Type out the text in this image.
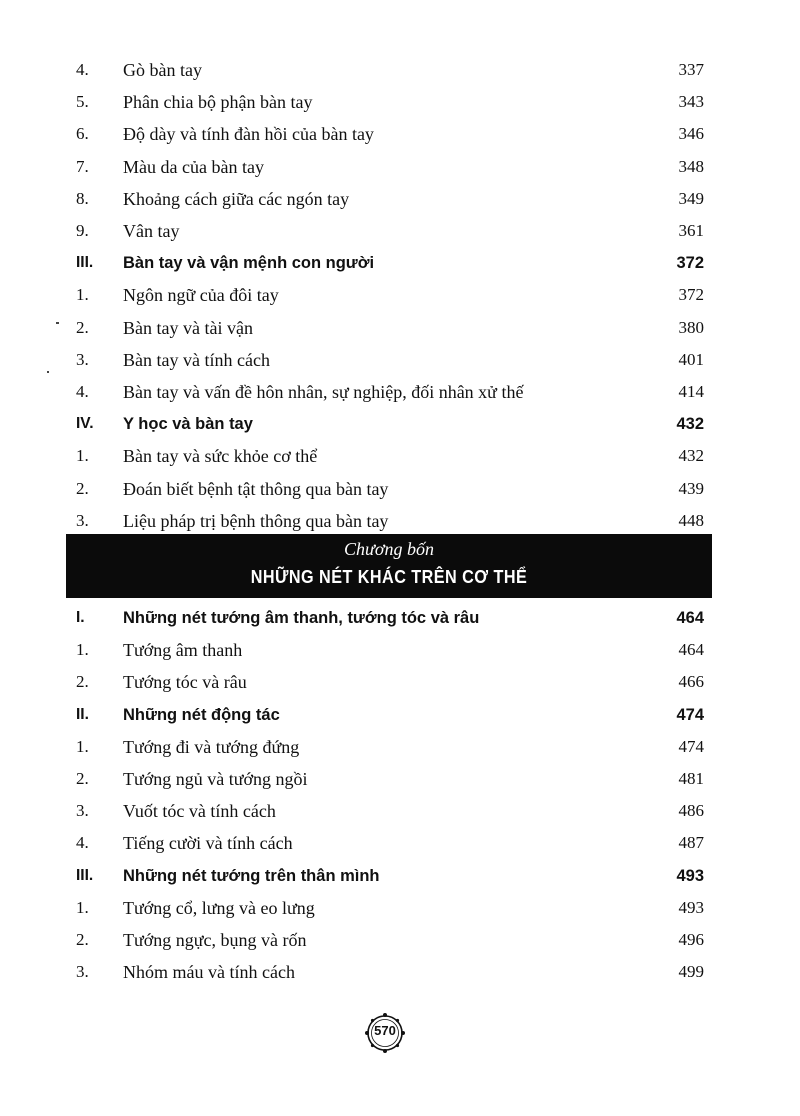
4.	Gò bàn tay	337
5.	Phân chia bộ phận bàn tay	343
6.	Độ dày và tính đàn hồi của bàn tay	346
7.	Màu da của bàn tay	348
8.	Khoảng cách giữa các ngón tay	349
9.	Vân tay	361
III.	Bàn tay và vận mệnh con người	372
1.	Ngôn ngữ của đôi tay	372
2.	Bàn tay và tài vận	380
3.	Bàn tay và tính cách	401
4.	Bàn tay và vấn đề hôn nhân, sự nghiệp, đối nhân xử thế	414
IV.	Y học và bàn tay	432
1.	Bàn tay và sức khỏe cơ thể	432
2.	Đoán biết bệnh tật thông qua bàn tay	439
3.	Liệu pháp trị bệnh thông qua bàn tay	448
Chương bốn
NHỮNG NÉT KHÁC TRÊN CƠ THỂ
I.	Những nét tướng âm thanh, tướng tóc và râu	464
1.	Tướng âm thanh	464
2.	Tướng tóc và râu	466
II.	Những nét động tác	474
1.	Tướng đi và tướng đứng	474
2.	Tướng ngủ và tướng ngồi	481
3.	Vuốt tóc và tính cách	486
4.	Tiếng cười và tính cách	487
III.	Những nét tướng trên thân mình	493
1.	Tướng cổ, lưng và eo lưng	493
2.	Tướng ngực, bụng và rốn	496
3.	Nhóm máu và tính cách	499
570
